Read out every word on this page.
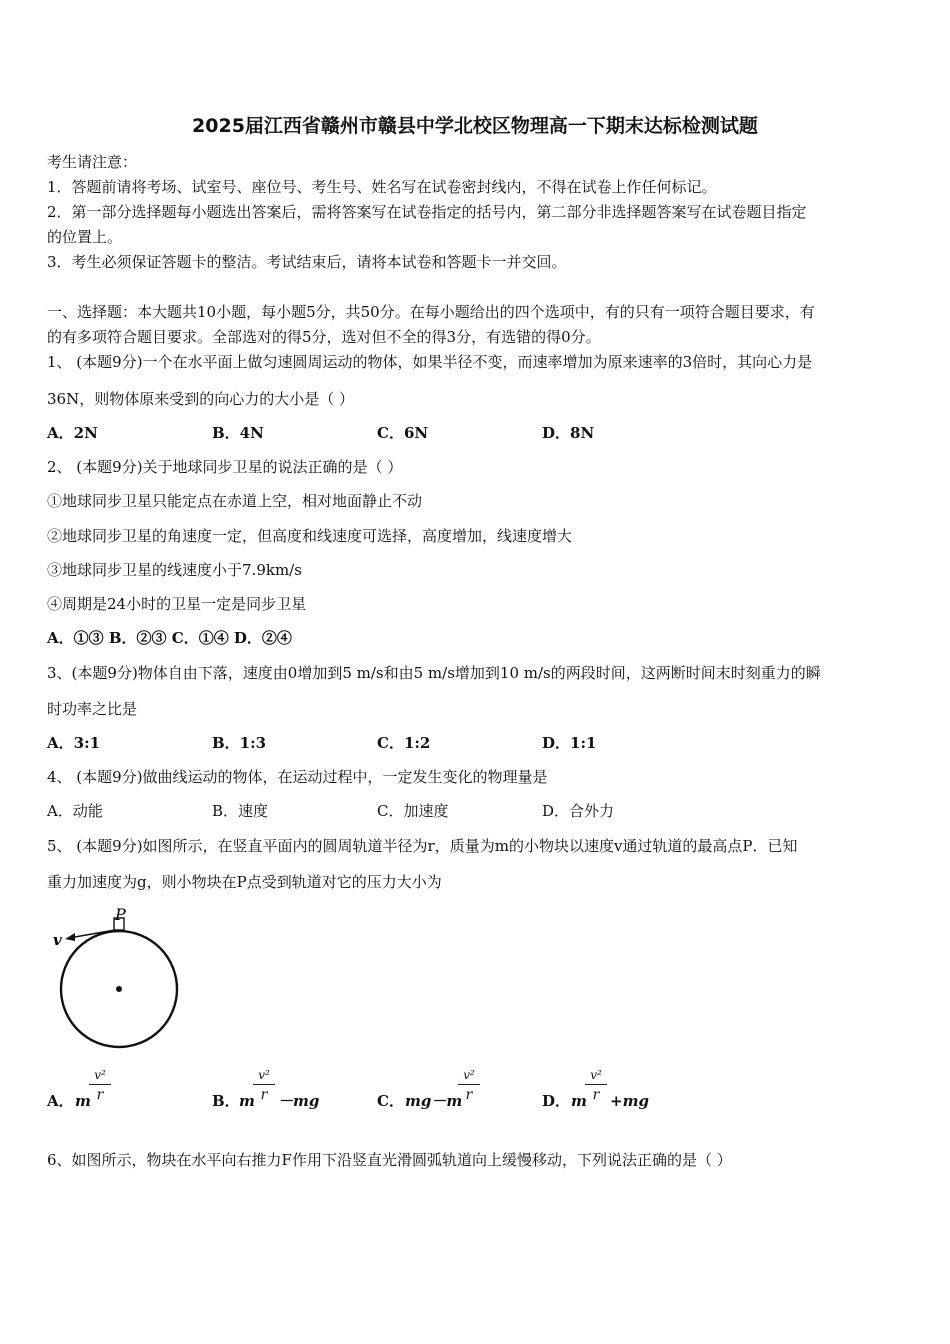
2025届江西省赣州市赣县中学北校区物理高一下期末达标检测试题
考生请注意：
1．答题前请将考场、试室号、座位号、考生号、姓名写在试卷密封线内，不得在试卷上作任何标记。
2．第一部分选择题每小题选出答案后，需将答案写在试卷指定的括号内，第二部分非选择题答案写在试卷题目指定
的位置上。
3．考生必须保证答题卡的整洁。考试结束后，请将本试卷和答题卡一并交回。
一、选择题：本大题共10小题，每小题5分，共50分。在每小题给出的四个选项中，有的只有一项符合题目要求，有
的有多项符合题目要求。全部选对的得5分，选对但不全的得3分，有选错的得0分。
1、 (本题9分)一个在水平面上做匀速圆周运动的物体，如果半径不变，而速率增加为原来速率的3倍时，其向心力是
36N，则物体原来受到的向心力的大小是（ ）
A．2N	B．4N	C．6N	D．8N
2、 (本题9分)关于地球同步卫星的说法正确的是（ ）
①地球同步卫星只能定点在赤道上空，相对地面静止不动
②地球同步卫星的角速度一定，但高度和线速度可选择，高度增加，线速度增大
③地球同步卫星的线速度小于7.9km/s
④周期是24小时的卫星一定是同步卫星
A．①③ B．②③ C．①④ D．②④
3、(本题9分)物体自由下落，速度由0增加到5 m/s和由5 m/s增加到10 m/s的两段时间，这两断时间末时刻重力的瞬
时功率之比是
A．3:1	B．1:3	C．1:2	D．1:1
4、 (本题9分)做曲线运动的物体，在运动过程中，一定发生变化的物理量是
A．动能	B．速度	C．加速度	D．合外力
5、 (本题9分)如图所示，在竖直平面内的圆周轨道半径为r，质量为m的小物块以速度v通过轨道的最高点P．已知
重力加速度为g，则小物块在P点受到轨道对它的压力大小为
P
v
A． m
v²
r	B． m
v²
r －mg	C． mg－m
v²
r	D． m
v²
r +mg
6、如图所示，物块在水平向右推力F作用下沿竖直光滑圆弧轨道向上缓慢移动，下列说法正确的是（ ）
